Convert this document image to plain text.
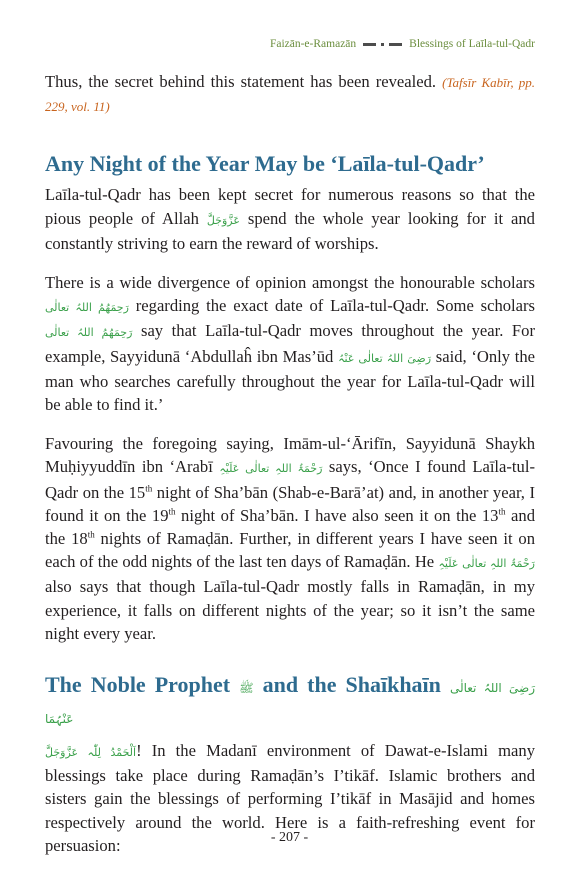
Faizān-e-Ramazān	Blessings of Laīla-tul-Qadr

Thus, the secret behind this statement has been revealed. (Tafsīr Kabīr, pp. 229, vol. 11)

Any Night of the Year May be ‘Laīla-tul-Qadr’

Laīla-tul-Qadr has been kept secret for numerous reasons so that the pious people of Allah عَزَّوَجَلَّ spend the whole year looking for it and constantly striving to earn the reward of worships.

There is a wide divergence of opinion amongst the honourable scholars رَحِمَهُمُ اللہُ تعالٰی regarding the exact date of Laīla-tul-Qadr. Some scholars رَحِمَهُمُ اللہُ تعالٰی say that Laīla-tul-Qadr moves throughout the year. For example, Sayyidunā ‘Abdullaĥ ibn Mas’ūd رَضِیَ اللہُ تعالٰی عَنْہُ said, ‘Only the man who searches carefully throughout the year for Laīla-tul-Qadr will be able to find it.’

Favouring the foregoing saying, Imām-ul-‘Ārifīn, Sayyidunā Shaykh Muḥiyyuddīn ibn ‘Arabī رَحْمَۃُ اللہِ تعالٰی عَلَیْہِ says, ‘Once I found Laīla-tul-Qadr on the 15th night of Sha’bān (Shab-e-Barā’at) and, in another year, I found it on the 19th night of Sha’bān. I have also seen it on the 13th and the 18th nights of Ramaḍān. Further, in different years I have seen it on each of the odd nights of the last ten days of Ramaḍān. He رَحْمَۃُ اللہِ تعالٰی عَلَیْہِ also says that though Laīla-tul-Qadr mostly falls in Ramaḍān, in my experience, it falls on different nights of the year; so it isn’t the same night every year.

The Noble Prophet ﷺ and the Shaīkhaīn رَضِیَ اللہُ تعالٰی عَنْہُمَا

اَلْحَمْدُ لِلّٰہ عَزَّوَجَلَّ! In the Madanī environment of Dawat-e-Islami many blessings take place during Ramaḍān’s I’tikāf. Islamic brothers and sisters gain the blessings of performing I’tikāf in Masājid and homes respectively around the world. Here is a faith-refreshing event for persuasion:	- 207 -
